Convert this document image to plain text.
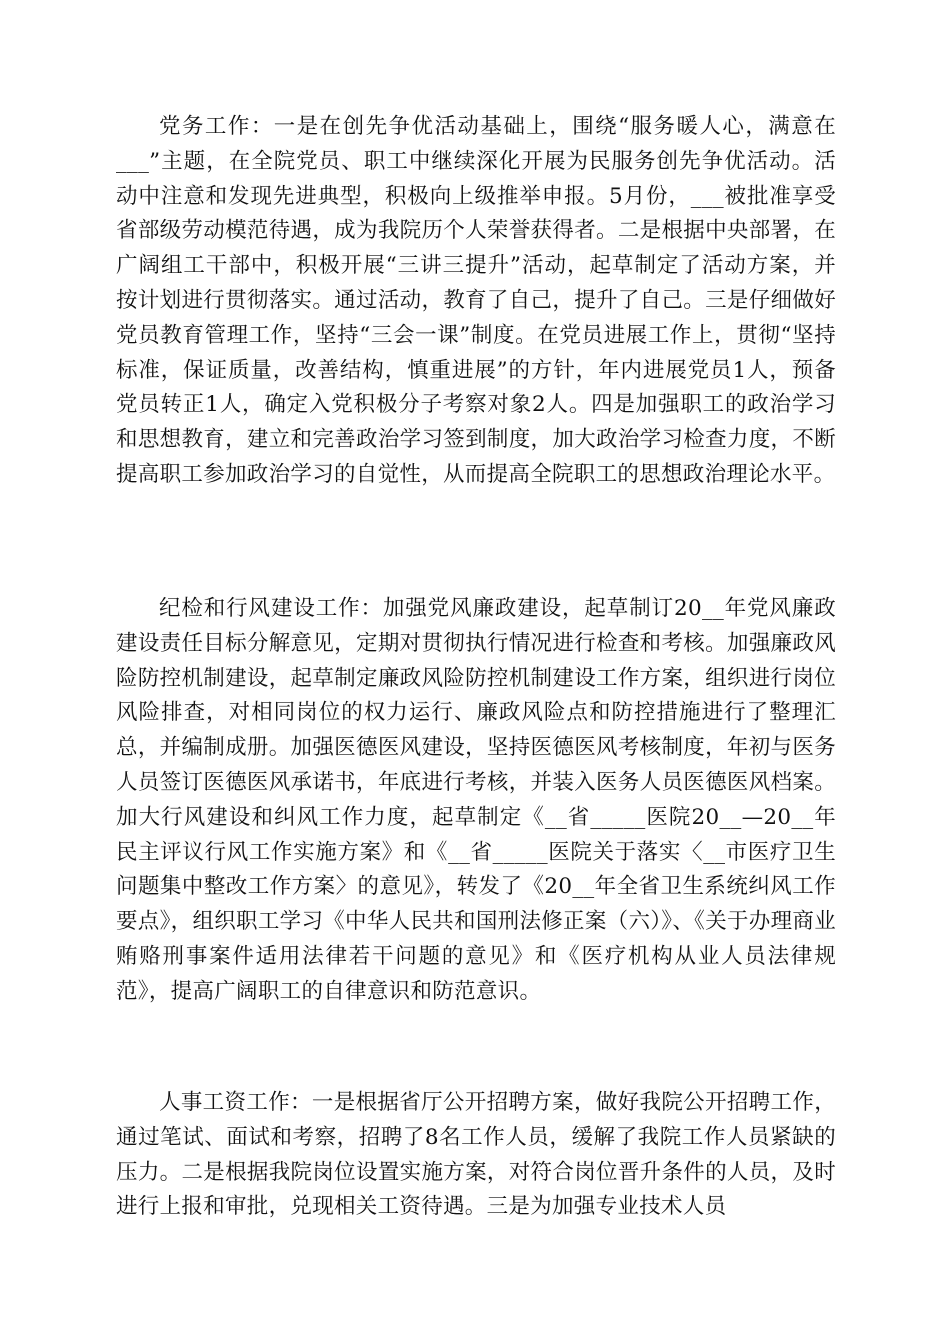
党务工作：一是在创先争优活动基础上，围绕“服务暖人心，满意在___”主题，在全院党员、职工中继续深化开展为民服务创先争优活动。活动中注意和发现先进典型，积极向上级推举申报。5月份，___被批准享受省部级劳动模范待遇，成为我院历个人荣誉获得者。二是根据中央部署，在广阔组工干部中，积极开展“三讲三提升”活动，起草制定了活动方案，并按计划进行贯彻落实。通过活动，教育了自己，提升了自己。三是仔细做好党员教育管理工作，坚持“三会一课”制度。在党员进展工作上，贯彻“坚持标准，保证质量，改善结构，慎重进展”的方针，年内进展党员1人，预备党员转正1人，确定入党积极分子考察对象2人。四是加强职工的政治学习和思想教育，建立和完善政治学习签到制度，加大政治学习检查力度，不断提高职工参加政治学习的自觉性，从而提高全院职工的思想政治理论水平。

纪检和行风建设工作：加强党风廉政建设，起草制订20__年党风廉政建设责任目标分解意见，定期对贯彻执行情况进行检查和考核。加强廉政风险防控机制建设，起草制定廉政风险防控机制建设工作方案，组织进行岗位风险排查，对相同岗位的权力运行、廉政风险点和防控措施进行了整理汇总，并编制成册。加强医德医风建设，坚持医德医风考核制度，年初与医务人员签订医德医风承诺书，年底进行考核，并装入医务人员医德医风档案。加大行风建设和纠风工作力度，起草制定《__省_____医院20__—20__年民主评议行风工作实施方案》和《__省_____医院关于落实〈__市医疗卫生问题集中整改工作方案〉的意见》，转发了《20__年全省卫生系统纠风工作要点》，组织职工学习《中华人民共和国刑法修正案（六）》、《关于办理商业贿赂刑事案件适用法律若干问题的意见》和《医疗机构从业人员法律规范》，提高广阔职工的自律意识和防范意识。

人事工资工作：一是根据省厅公开招聘方案，做好我院公开招聘工作，通过笔试、面试和考察，招聘了8名工作人员，缓解了我院工作人员紧缺的压力。二是根据我院岗位设置实施方案，对符合岗位晋升条件的人员，及时进行上报和审批，兑现相关工资待遇。三是为加强专业技术人员
